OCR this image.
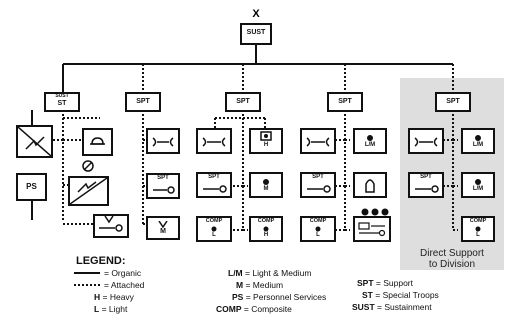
X
SUST
SUST
ST	SPT	SPT	SPT	SPT
PS
SPT
M
H
SPT
M
COMP
L
COMP
H
L/M
SPT
COMP
L
L/M
SPT
L/M
COMP
L
Direct Support
to Division
LEGEND:
= Organic
= Attached
H = Heavy
L = Light
L/M = Light & Medium
M = Medium
PS = Personnel Services
COMP = Composite
SPT = Support
ST = Special Troops
SUST = Sustainment
